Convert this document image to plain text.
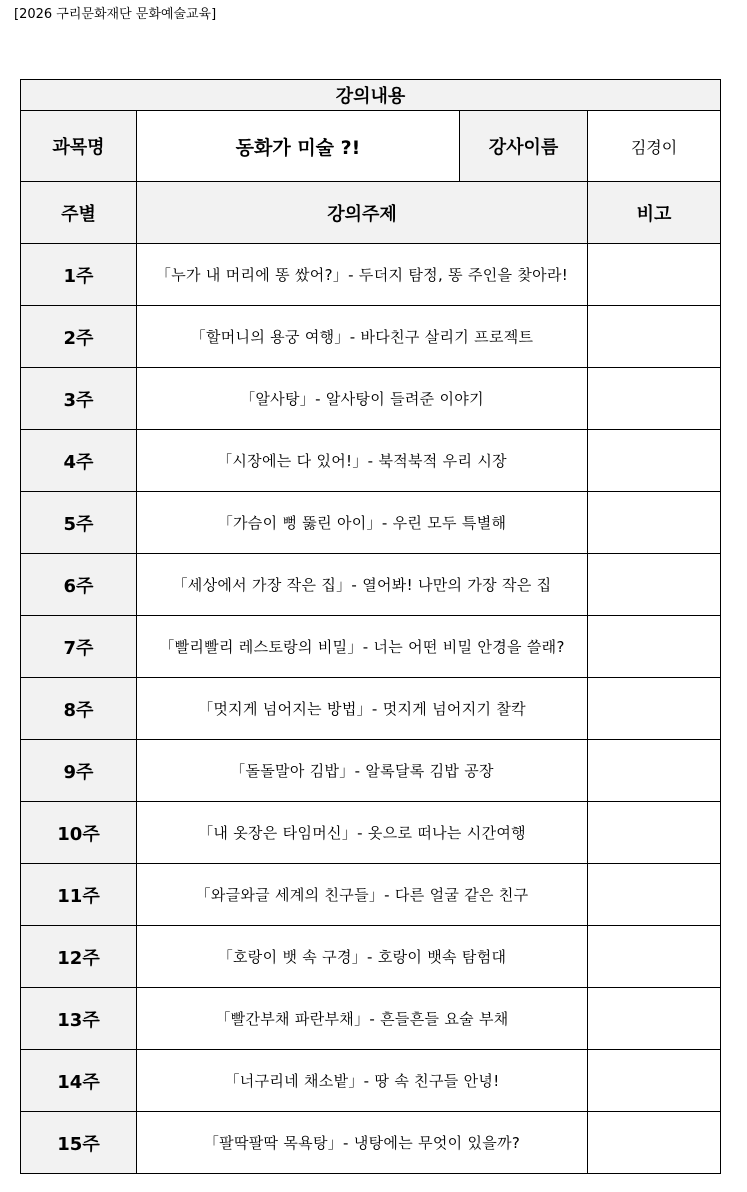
[2026 구리문화재단 문화예술교육]
강의내용			
과목명	동화가 미술 ?!	강사이름	김경이
주별	강의주제		비고
1주	「누가 내 머리에 똥 쌌어?」- 두더지 탐정, 똥 주인을 찾아라!		
2주	「할머니의 용궁 여행」- 바다친구 살리기 프로젝트		
3주	「알사탕」- 알사탕이 들려준 이야기		
4주	「시장에는 다 있어!」- 북적북적 우리 시장		
5주	「가슴이 뻥 뚫린 아이」- 우린 모두 특별해		
6주	「세상에서 가장 작은 집」- 열어봐! 나만의 가장 작은 집		
7주	「빨리빨리 레스토랑의 비밀」- 너는 어떤 비밀 안경을 쓸래?		
8주	「멋지게 넘어지는 방법」- 멋지게 넘어지기 찰칵		
9주	「돌돌말아 김밥」- 알록달록 김밥 공장		
10주	「내 옷장은 타임머신」- 옷으로 떠나는 시간여행		
11주	「와글와글 세계의 친구들」- 다른 얼굴 같은 친구		
12주	「호랑이 뱃 속 구경」- 호랑이 뱃속 탐험대		
13주	「빨간부채 파란부채」- 흔들흔들 요술 부채		
14주	「너구리네 채소밭」- 땅 속 친구들 안녕!		
15주	「팔딱팔딱 목욕탕」- 냉탕에는 무엇이 있을까?		
